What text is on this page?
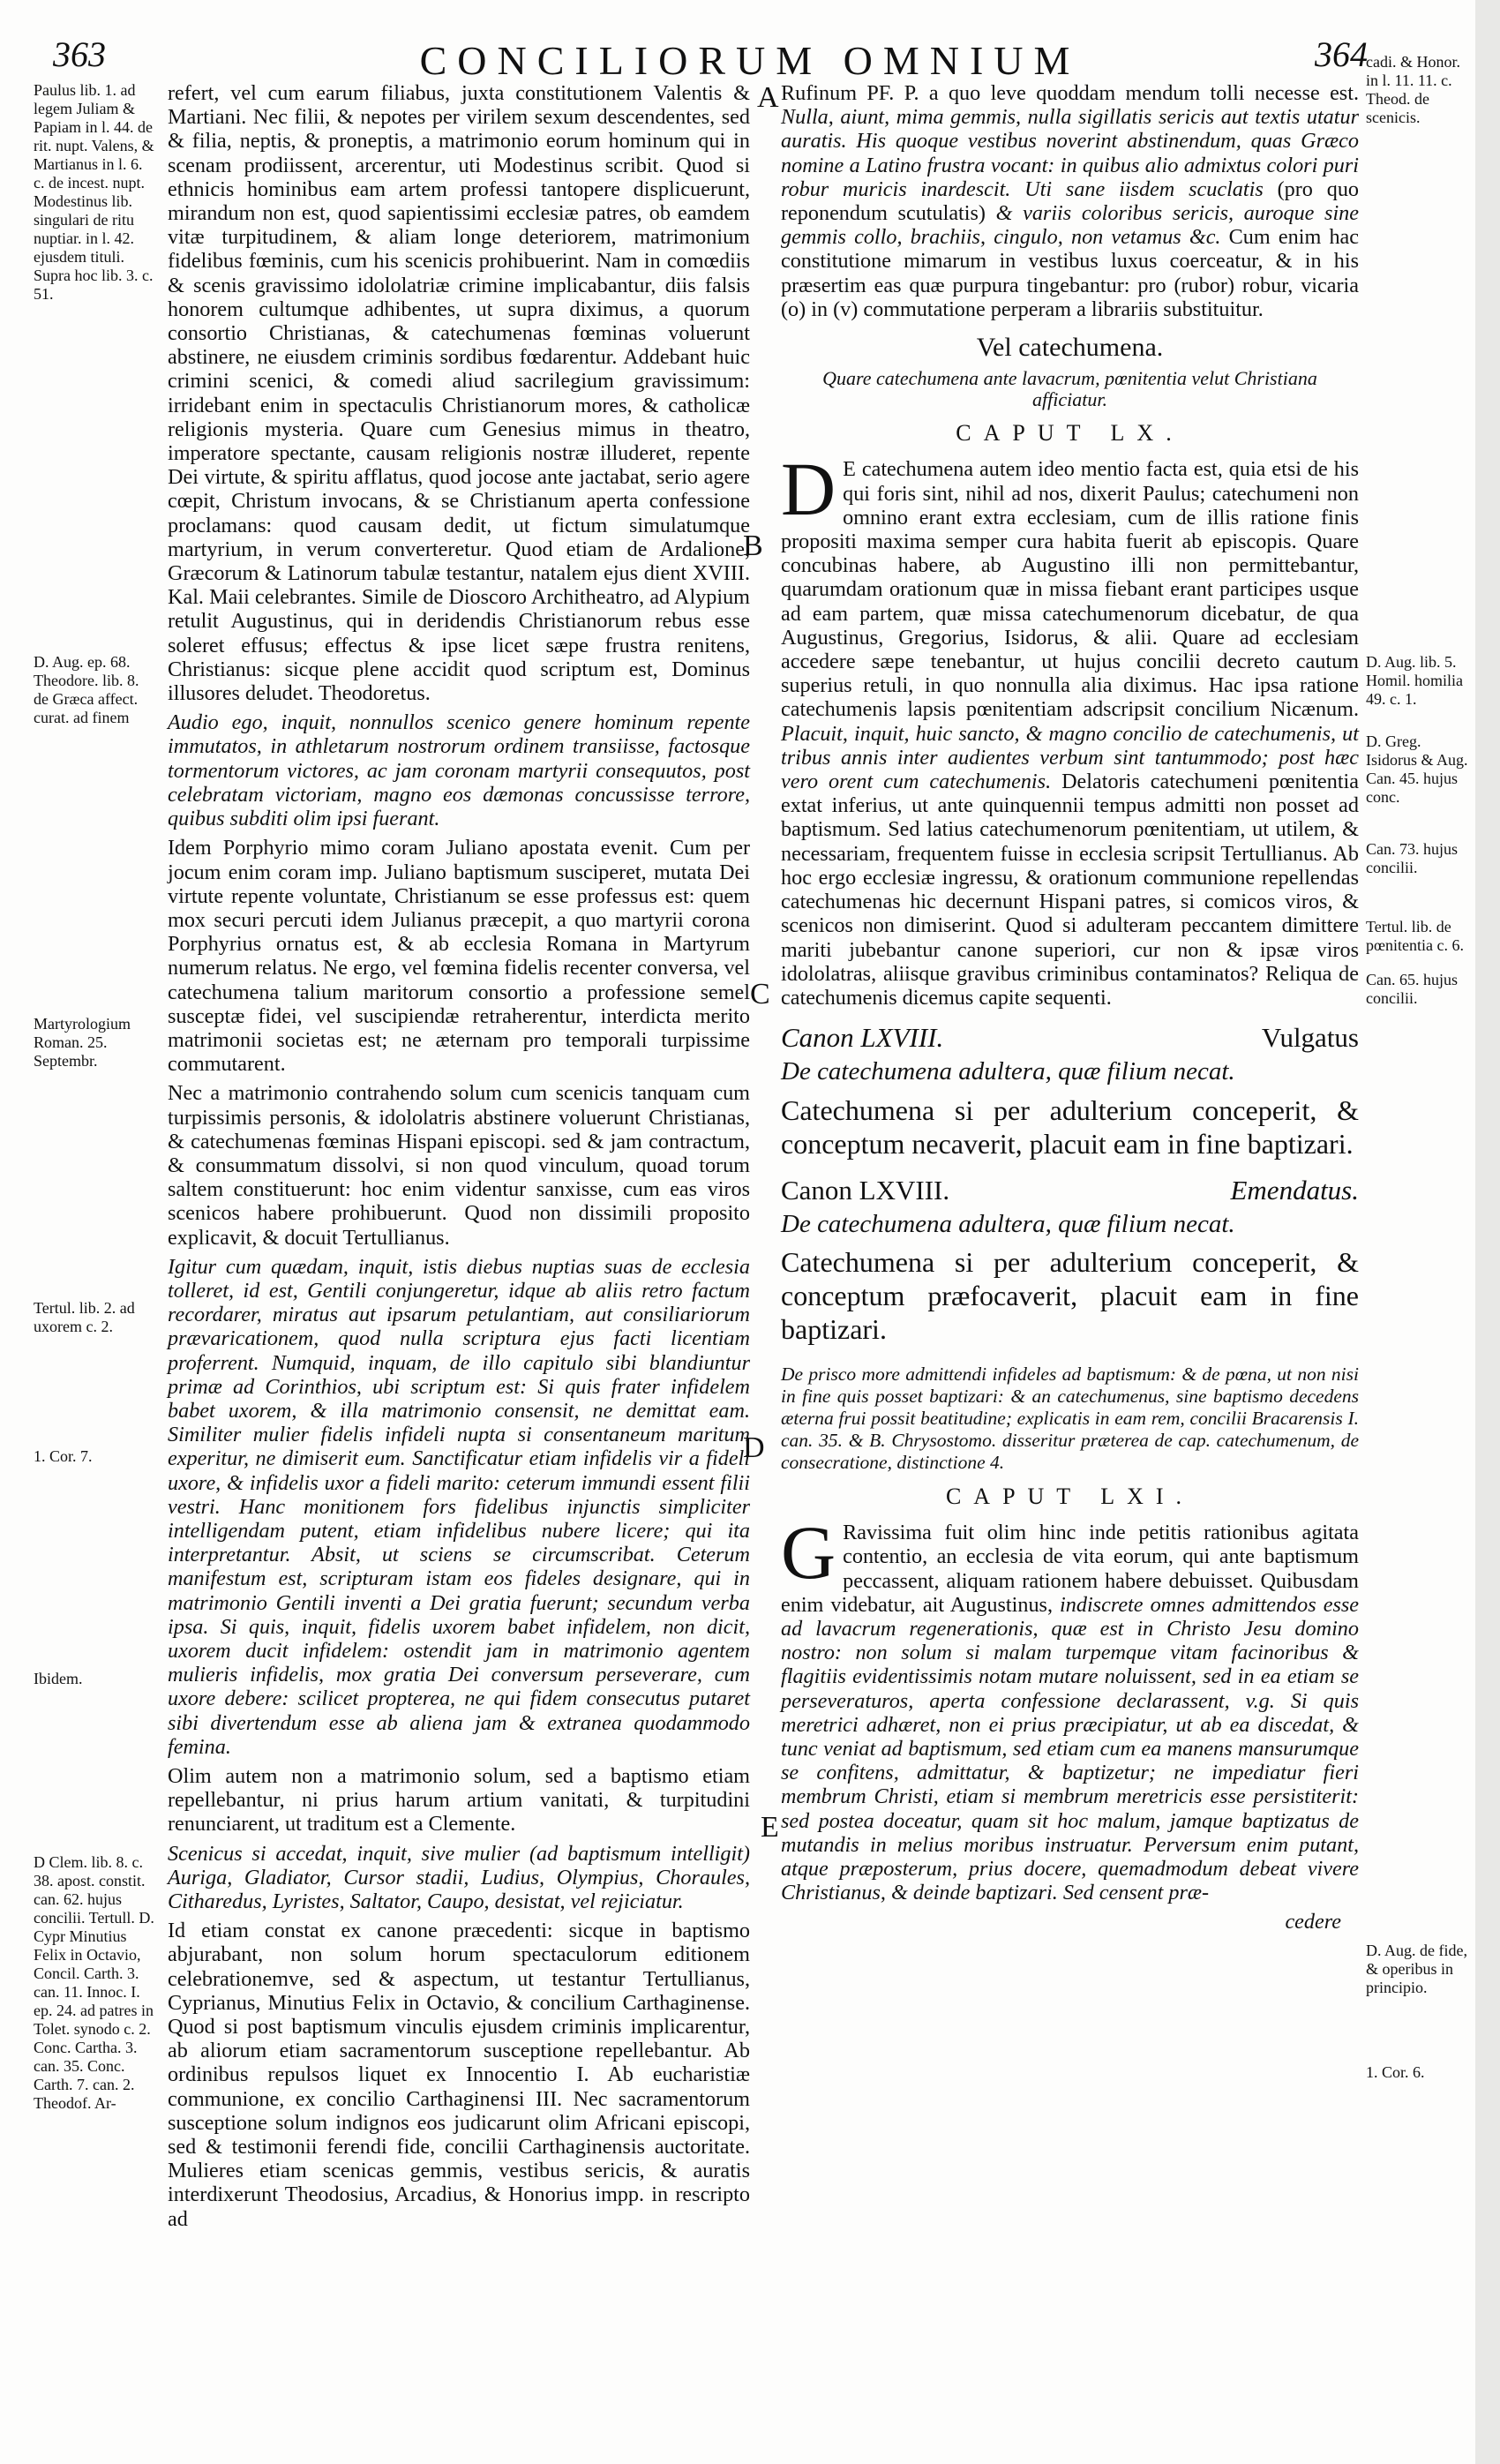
363	CONCILIORUM OMNIUM	364
A
B
C
D
E
Paulus lib. 1. ad legem Juliam & Papiam in l. 44. de rit. nupt. Valens, & Martianus in l. 6. c. de incest. nupt. Modestinus lib. singulari de ritu nuptiar. in l. 42. ejusdem tituli. Supra hoc lib. 3. c. 51.
D. Aug. ep. 68. Theodore. lib. 8. de Græca affect. curat. ad finem
Martyrologium Roman. 25. Septembr.
Tertul. lib. 2. ad uxorem c. 2.
1. Cor. 7.
Ibidem.
D Clem. lib. 8. c. 38. apost. constit. can. 62. hujus concilii. Tertull. D. Cypr Minutius Felix in Octavio, Concil. Carth. 3. can. 11. Innoc. I. ep. 24. ad patres in Tolet. synodo c. 2. Conc. Cartha. 3. can. 35. Conc. Carth. 7. can. 2. Theodof. Ar-
cadi. & Honor. in l. 11. 11. c. Theod. de scenicis.
D. Aug. lib. 5. Homil. homilia 49. c. 1.
D. Greg. Isidorus & Aug. Can. 45. hujus conc.
Can. 73. hujus concilii.
Tertul. lib. de pœnitentia c. 6.
Can. 65. hujus concilii.
D. Aug. de fide, & operibus in principio.
1. Cor. 6.

refert, vel cum earum filiabus, juxta constitutionem Valentis & Martiani. Nec filii, & nepotes per virilem sexum descendentes, sed & filia, neptis, & proneptis, a matrimonio eorum hominum qui in scenam prodiissent, arcerentur, uti Modestinus scribit. Quod si ethnicis hominibus eam artem professi tantopere displicuerunt, mirandum non est, quod sapientissimi ecclesiæ patres, ob eamdem vitæ turpitudinem, & aliam longe deteriorem, matrimonium fidelibus fœminis, cum his scenicis prohibuerint. Nam in comœdiis & scenis gravissimo idololatriæ crimine implicabantur, diis falsis honorem cultumque adhibentes, ut supra diximus, a quorum consortio Christianas, & catechumenas fœminas voluerunt abstinere, ne eiusdem criminis sordibus fœdarentur. Addebant huic crimini scenici, & comedi aliud sacrilegium gravissimum: irridebant enim in spectaculis Christianorum mores, & catholicæ religionis mysteria. Quare cum Genesius mimus in theatro, imperatore spectante, causam religionis nostræ illuderet, repente Dei virtute, & spiritu afflatus, quod jocose ante jactabat, serio agere cœpit, Christum invocans, & se Christianum aperta confessione proclamans: quod causam dedit, ut fictum simulatumque martyrium, in verum converteretur. Quod etiam de Ardalione, Græcorum & Latinorum tabulæ testantur, natalem ejus dient XVIII. Kal. Maii celebrantes. Simile de Dioscoro Architheatro, ad Alypium retulit Augustinus, qui in deridendis Christianorum rebus esse soleret effusus; effectus & ipse licet sæpe frustra renitens, Christianus: sicque plene accidit quod scriptum est, Dominus illusores deludet. Theodoretus.

Audio ego, inquit, nonnullos scenico genere hominum repente immutatos, in athletarum nostrorum ordinem transiisse, factosque tormentorum victores, ac jam coronam martyrii consequutos, post celebratam victoriam, magno eos dæmonas concussisse terrore, quibus subditi olim ipsi fuerant.

Idem Porphyrio mimo coram Juliano apostata evenit. Cum per jocum enim coram imp. Juliano baptismum susciperet, mutata Dei virtute repente voluntate, Christianum se esse professus est: quem mox securi percuti idem Julianus præcepit, a quo martyrii corona Porphyrius ornatus est, & ab ecclesia Romana in Martyrum numerum relatus. Ne ergo, vel fœmina fidelis recenter conversa, vel catechumena talium maritorum consortio a professione semel susceptæ fidei, vel suscipiendæ retraherentur, interdicta merito matrimonii societas est; ne æternam pro temporali turpissime commutarent.

Nec a matrimonio contrahendo solum cum scenicis tanquam cum turpissimis personis, & idololatris abstinere voluerunt Christianas, & catechumenas fœminas Hispani episcopi. sed & jam contractum, & consummatum dissolvi, si non quod vinculum, quoad torum saltem constituerunt: hoc enim videntur sanxisse, cum eas viros scenicos habere prohibuerunt. Quod non dissimili proposito explicavit, & docuit Tertullianus.

Igitur cum quædam, inquit, istis diebus nuptias suas de ecclesia tolleret, id est, Gentili conjungeretur, idque ab aliis retro factum recordarer, miratus aut ipsarum petulantiam, aut consiliariorum prævaricationem, quod nulla scriptura ejus facti licentiam proferrent. Numquid, inquam, de illo capitulo sibi blandiuntur primæ ad Corinthios, ubi scriptum est: Si quis frater infidelem babet uxorem, & illa matrimonio consensit, ne demittat eam. Similiter mulier fidelis infideli nupta si consentaneum maritum experitur, ne dimiserit eum. Sanctificatur etiam infidelis vir a fideli uxore, & infidelis uxor a fideli marito: ceterum immundi essent filii vestri. Hanc monitionem fors fidelibus injunctis simpliciter intelligendam putent, etiam infidelibus nubere licere; qui ita interpretantur. Absit, ut sciens se circumscribat. Ceterum manifestum est, scripturam istam eos fideles designare, qui in matrimonio Gentili inventi a Dei gratia fuerunt; secundum verba ipsa. Si quis, inquit, fidelis uxorem babet infidelem, non dicit, uxorem ducit infidelem: ostendit jam in matrimonio agentem mulieris infidelis, mox gratia Dei conversum perseverare, cum uxore debere: scilicet propterea, ne qui fidem consecutus putaret sibi divertendum esse ab aliena jam & extranea quodammodo femina.

Olim autem non a matrimonio solum, sed a baptismo etiam repellebantur, ni prius harum artium vanitati, & turpitudini renunciarent, ut traditum est a Clemente.

Scenicus si accedat, inquit, sive mulier (ad baptismum intelligit) Auriga, Gladiator, Cursor stadii, Ludius, Olympius, Choraules, Citharedus, Lyristes, Saltator, Caupo, desistat, vel rejiciatur.

Id etiam constat ex canone præcedenti: sicque in baptismo abjurabant, non solum horum spectaculorum editionem celebrationemve, sed & aspectum, ut testantur Tertullianus, Cyprianus, Minutius Felix in Octavio, & concilium Carthaginense. Quod si post baptismum vinculis ejusdem criminis implicarentur, ab aliorum etiam sacramentorum susceptione repellebantur. Ab ordinibus repulsos liquet ex Innocentio I. Ab eucharistiæ communione, ex concilio Carthaginensi III. Nec sacramentorum susceptione solum indignos eos judicarunt olim Africani episcopi, sed & testimonii ferendi fide, concilii Carthaginensis auctoritate. Mulieres etiam scenicas gemmis, vestibus sericis, & auratis interdixerunt Theodosius, Arcadius, & Honorius impp. in rescripto ad

Rufinum PF. P. a quo leve quoddam mendum tolli necesse est. Nulla, aiunt, mima gemmis, nulla sigillatis sericis aut textis utatur auratis. His quoque vestibus noverint abstinendum, quas Græco nomine a Latino frustra vocant: in quibus alio admixtus colori puri robur muricis inardescit. Uti sane iisdem scuclatis (pro quo reponendum scutulatis) & variis coloribus sericis, auroque sine gemmis collo, brachiis, cingulo, non vetamus &c. Cum enim hac constitutione mimarum in vestibus luxus coerceatur, & in his præsertim eas quæ purpura tingebantur: pro (rubor) robur, vicaria (o) in (v) commutatione perperam a librariis substituitur.

Vel catechumena.
Quare catechumena ante lavacrum, pœnitentia velut Christiana afficiatur.
CAPUT LX.

D E catechumena autem ideo mentio facta est, quia etsi de his qui foris sint, nihil ad nos, dixerit Paulus; catechumeni non omnino erant extra ecclesiam, cum de illis ratione finis propositi maxima semper cura habita fuerit ab episcopis. Quare concubinas habere, ab Augustino illi non permittebantur, quarumdam orationum quæ in missa fiebant erant participes usque ad eam partem, quæ missa catechumenorum dicebatur, de qua Augustinus, Gregorius, Isidorus, & alii. Quare ad ecclesiam accedere sæpe tenebantur, ut hujus concilii decreto cautum superius retuli, in quo nonnulla alia diximus. Hac ipsa ratione catechumenis lapsis pœnitentiam adscripsit concilium Nicænum. Placuit, inquit, huic sancto, & magno concilio de catechumenis, ut tribus annis inter audientes verbum sint tantummodo; post hæc vero orent cum catechumenis. Delatoris catechumeni pœnitentia extat inferius, ut ante quinquennii tempus admitti non posset ad baptismum. Sed latius catechumenorum pœnitentiam, ut utilem, & necessariam, frequentem fuisse in ecclesia scripsit Tertullianus. Ab hoc ergo ecclesiæ ingressu, & orationum communione repellendas catechumenas hic decernunt Hispani patres, si comicos viros, & scenicos non dimiserint. Quod si adulteram peccantem dimittere mariti jubebantur canone superiori, cur non & ipsæ viros idololatras, aliisque gravibus criminibus contaminatos? Reliqua de catechumenis dicemus capite sequenti.

Canon LXVIII.	Vulgatus
De catechumena adultera, quæ filium necat.
Catechumena si per adulterium conceperit, & conceptum necaverit, placuit eam in fine baptizari.
Canon LXVIII.	Emendatus.
De catechumena adultera, quæ filium necat.
Catechumena si per adulterium conceperit, & conceptum præfocaverit, placuit eam in fine baptizari.

De prisco more admittendi infideles ad baptismum: & de pœna, ut non nisi in fine quis posset baptizari: & an catechumenus, sine baptismo decedens æterna frui possit beatitudine; explicatis in eam rem, concilii Bracarensis I. can. 35. & B. Chrysostomo. disseritur præterea de cap. catechumenum, de consecratione, distinctione 4.

CAPUT LXI.

G Ravissima fuit olim hinc inde petitis rationibus agitata contentio, an ecclesia de vita eorum, qui ante baptismum peccassent, aliquam rationem habere debuisset. Quibusdam enim videbatur, ait Augustinus, indiscrete omnes admittendos esse ad lavacrum regenerationis, quæ est in Christo Jesu domino nostro: non solum si malam turpemque vitam facinoribus & flagitiis evidentissimis notam mutare noluissent, sed in ea etiam se perseveraturos, aperta confessione declarassent, v.g. Si quis meretrici adhæret, non ei prius præcipiatur, ut ab ea discedat, & tunc veniat ad baptismum, sed etiam cum ea manens mansurumque se confitens, admittatur, & baptizetur; ne impediatur fieri membrum Christi, etiam si membrum meretricis esse persistiterit: sed postea doceatur, quam sit hoc malum, jamque baptizatus de mutandis in melius moribus instruatur. Perversum enim putant, atque præposterum, prius docere, quemadmodum debeat vivere Christianus, & deinde baptizari. Sed censent præ-

cedere
